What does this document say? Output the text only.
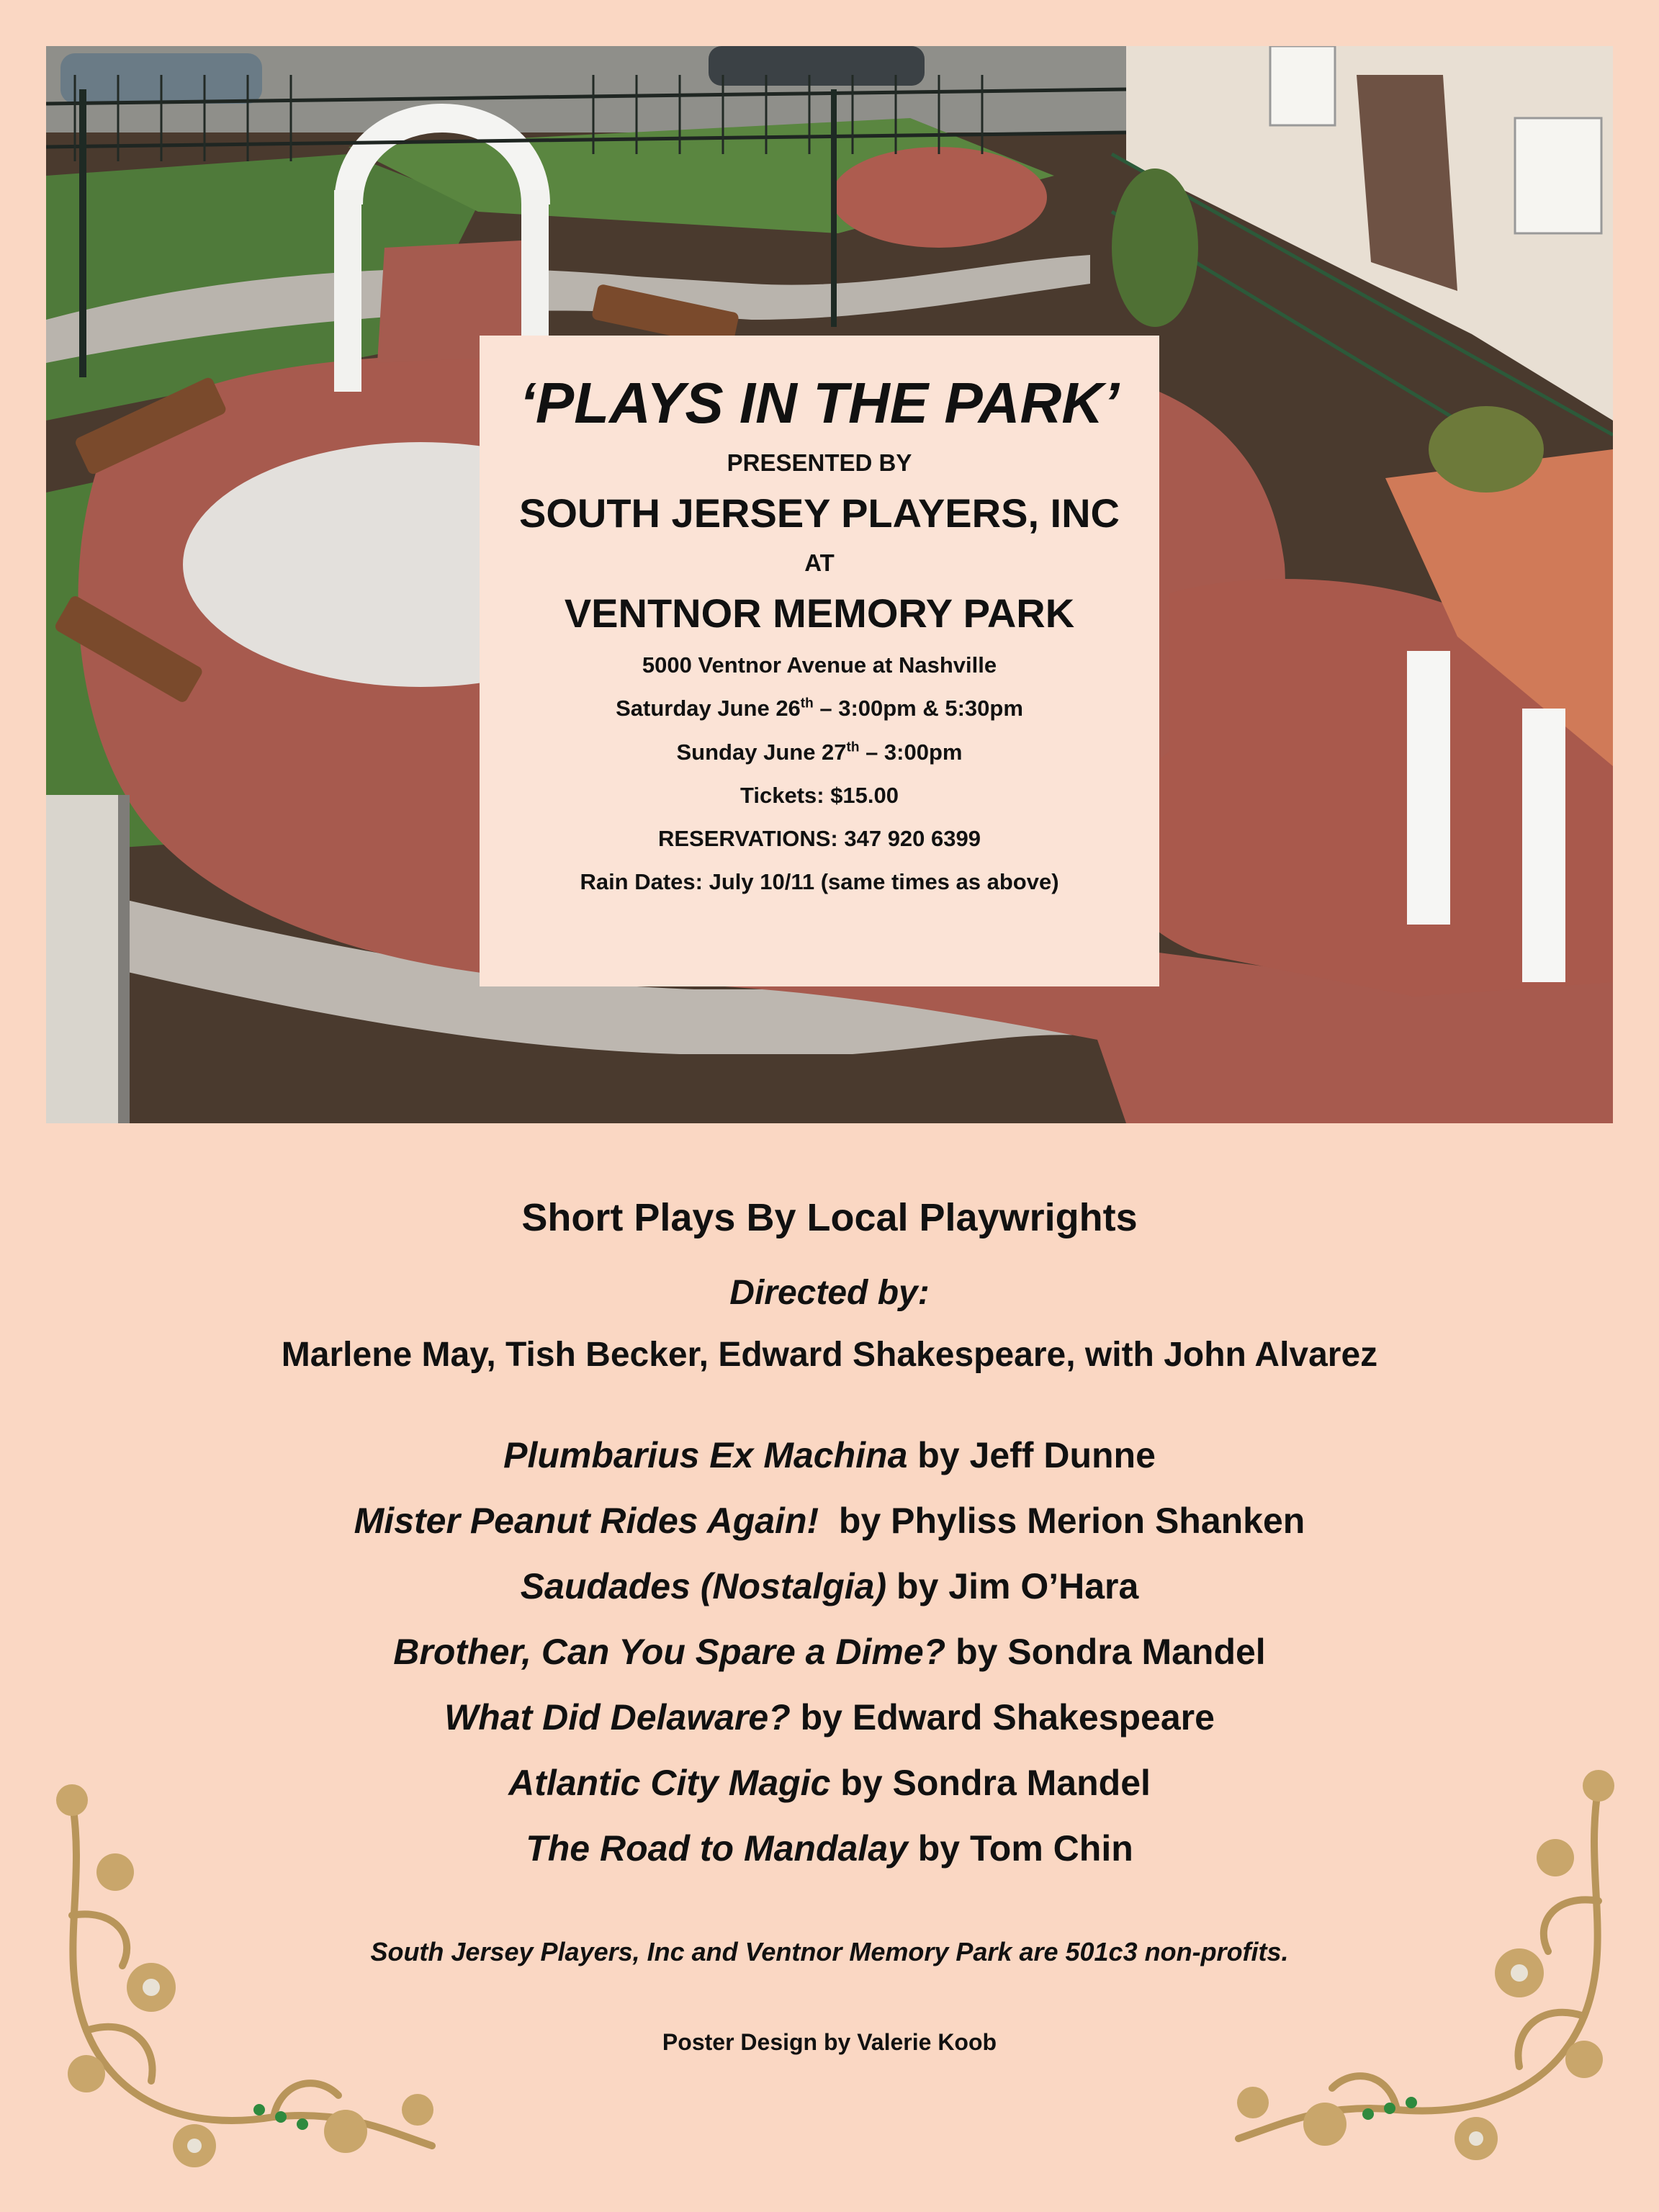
‘PLAYS IN THE PARK’

PRESENTED BY

SOUTH JERSEY PLAYERS, INC

AT

VENTNOR MEMORY PARK

5000 Ventnor Avenue at Nashville

Saturday June 26th – 3:00pm & 5:30pm

Sunday June 27th – 3:00pm

Tickets: $15.00

RESERVATIONS: 347 920 6399

Rain Dates: July 10/11 (same times as above)

Short Plays By Local Playwrights
Directed by:
Marlene May, Tish Becker, Edward Shakespeare, with John Alvarez
Plumbarius Ex Machina by Jeff Dunne
Mister Peanut Rides Again!  by Phyliss Merion Shanken
Saudades (Nostalgia) by Jim O’Hara
Brother, Can You Spare a Dime? by Sondra Mandel
What Did Delaware? by Edward Shakespeare
Atlantic City Magic by Sondra Mandel
The Road to Mandalay by Tom Chin
South Jersey Players, Inc and Ventnor Memory Park are 501c3 non-profits.
Poster Design by Valerie Koob
